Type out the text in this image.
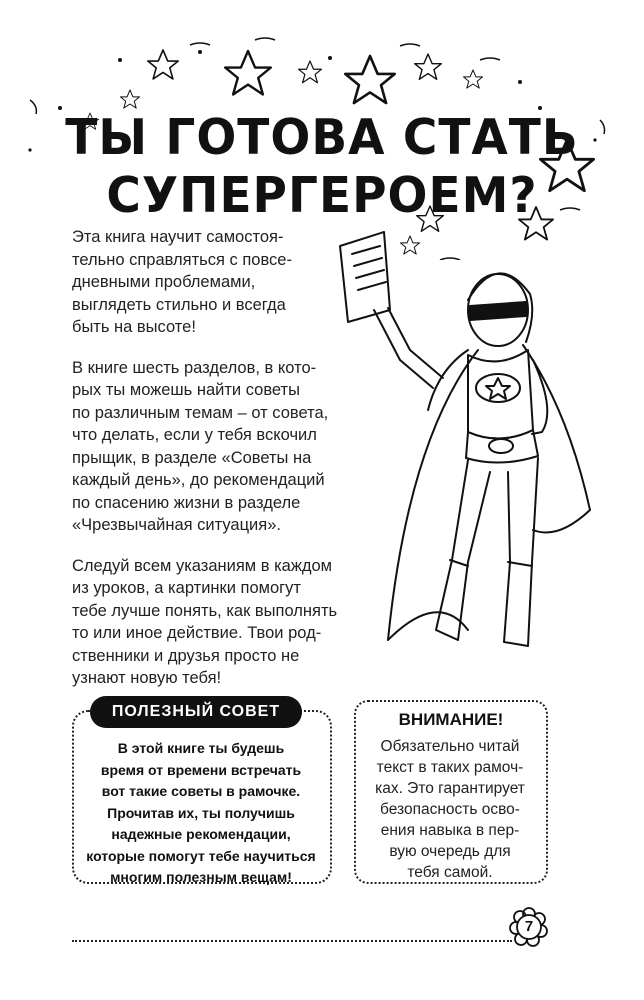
ТЫ ГОТОВА СТАТЬ
СУПЕРГЕРОЕМ?

Эта книга научит самостоя-
тельно справляться с повсе-
дневными проблемами,
выглядеть стильно и всегда
быть на высоте!

В книге шесть разделов, в кото-
рых ты можешь найти советы
по различным темам – от совета,
что делать, если у тебя вскочил
прыщик, в разделе «Советы на
каждый день», до рекомендаций
по спасению жизни в разделе
«Чрезвычайная ситуация».

Следуй всем указаниям в каждом
из уроков, а картинки помогут
тебе лучше понять, как выполнять
то или иное действие. Твои род-
ственники и друзья просто не
узнают новую тебя!

ПОЛЕЗНЫЙ СОВЕТ
В этой книге ты будешь
время от времени встречать
вот такие советы в рамочке.
Прочитав их, ты получишь
надежные рекомендации,
которые помогут тебе научиться
многим полезным вещам!
ВНИМАНИЕ!
Обязательно читай
текст в таких рамоч-
ках. Это гарантирует
безопасность осво-
ения навыка в пер-
вую очередь для
тебя самой.
7
